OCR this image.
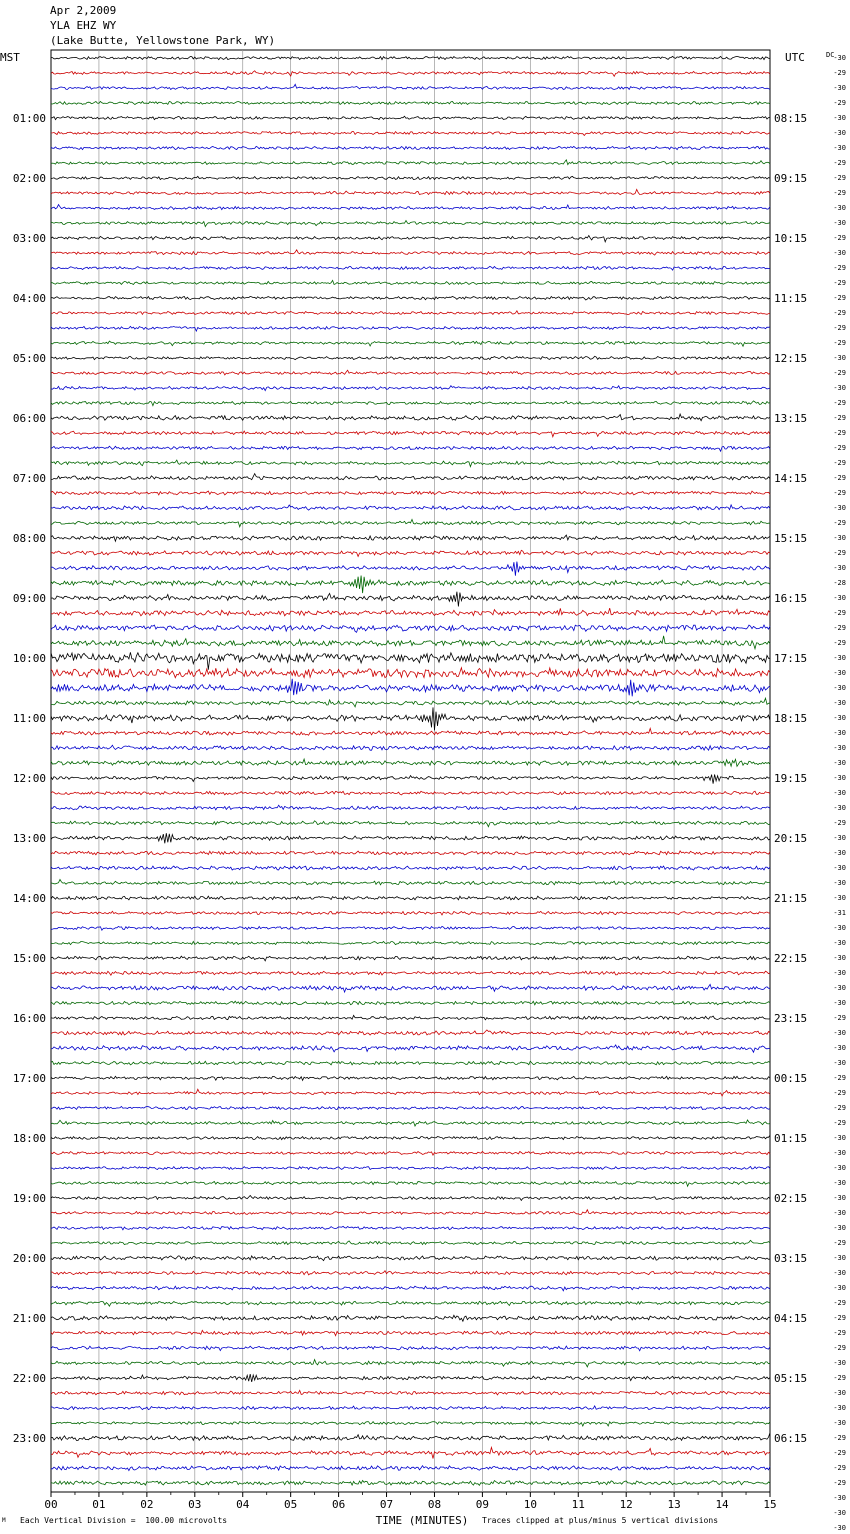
Apr 2,2009
YLA EHZ WY
(Lake Butte, Yellowstone Park, WY)
MST	UTC	DC
01:00
02:00
03:00
04:00
05:00
06:00
07:00
08:00
09:00
10:00
11:00
12:00
13:00
14:00
15:00
16:00
17:00
18:00
19:00
20:00
21:00
22:00
23:00
08:15
09:15
10:15
11:15
12:15
13:15
14:15
15:15
16:15
17:15
18:15
19:15
20:15
21:15
22:15
23:15
00:15
01:15
02:15
03:15
04:15
05:15
06:15
-30
-29
-30
-29
-30
-30
-30
-29
-29
-29
-30
-30
-29
-30
-29
-29
-29
-29
-29
-29
-30
-29
-30
-29
-29
-29
-29
-29
-29
-29
-30
-29
-30
-29
-30
-28
-30
-29
-29
-29
-30
-30
-30
-30
-30
-30
-30
-30
-30
-30
-30
-29
-30
-30
-30
-30
-30
-31
-30
-30
-30
-30
-30
-30
-29
-30
-30
-30
-29
-29
-29
-29
-30
-30
-30
-30
-30
-30
-30
-29
-30
-30
-30
-29
-29
-29
-29
-30
-29
-30
-30
-30
-29
-29
-29
-29
-30
-30
-30
00	01	02	03	04	05	06	07	08	09	10	11	12	13	14	15
TIME (MINUTES)
M Each Vertical Division =  100.00 microvolts	Traces clipped at plus/minus 5 vertical divisions
